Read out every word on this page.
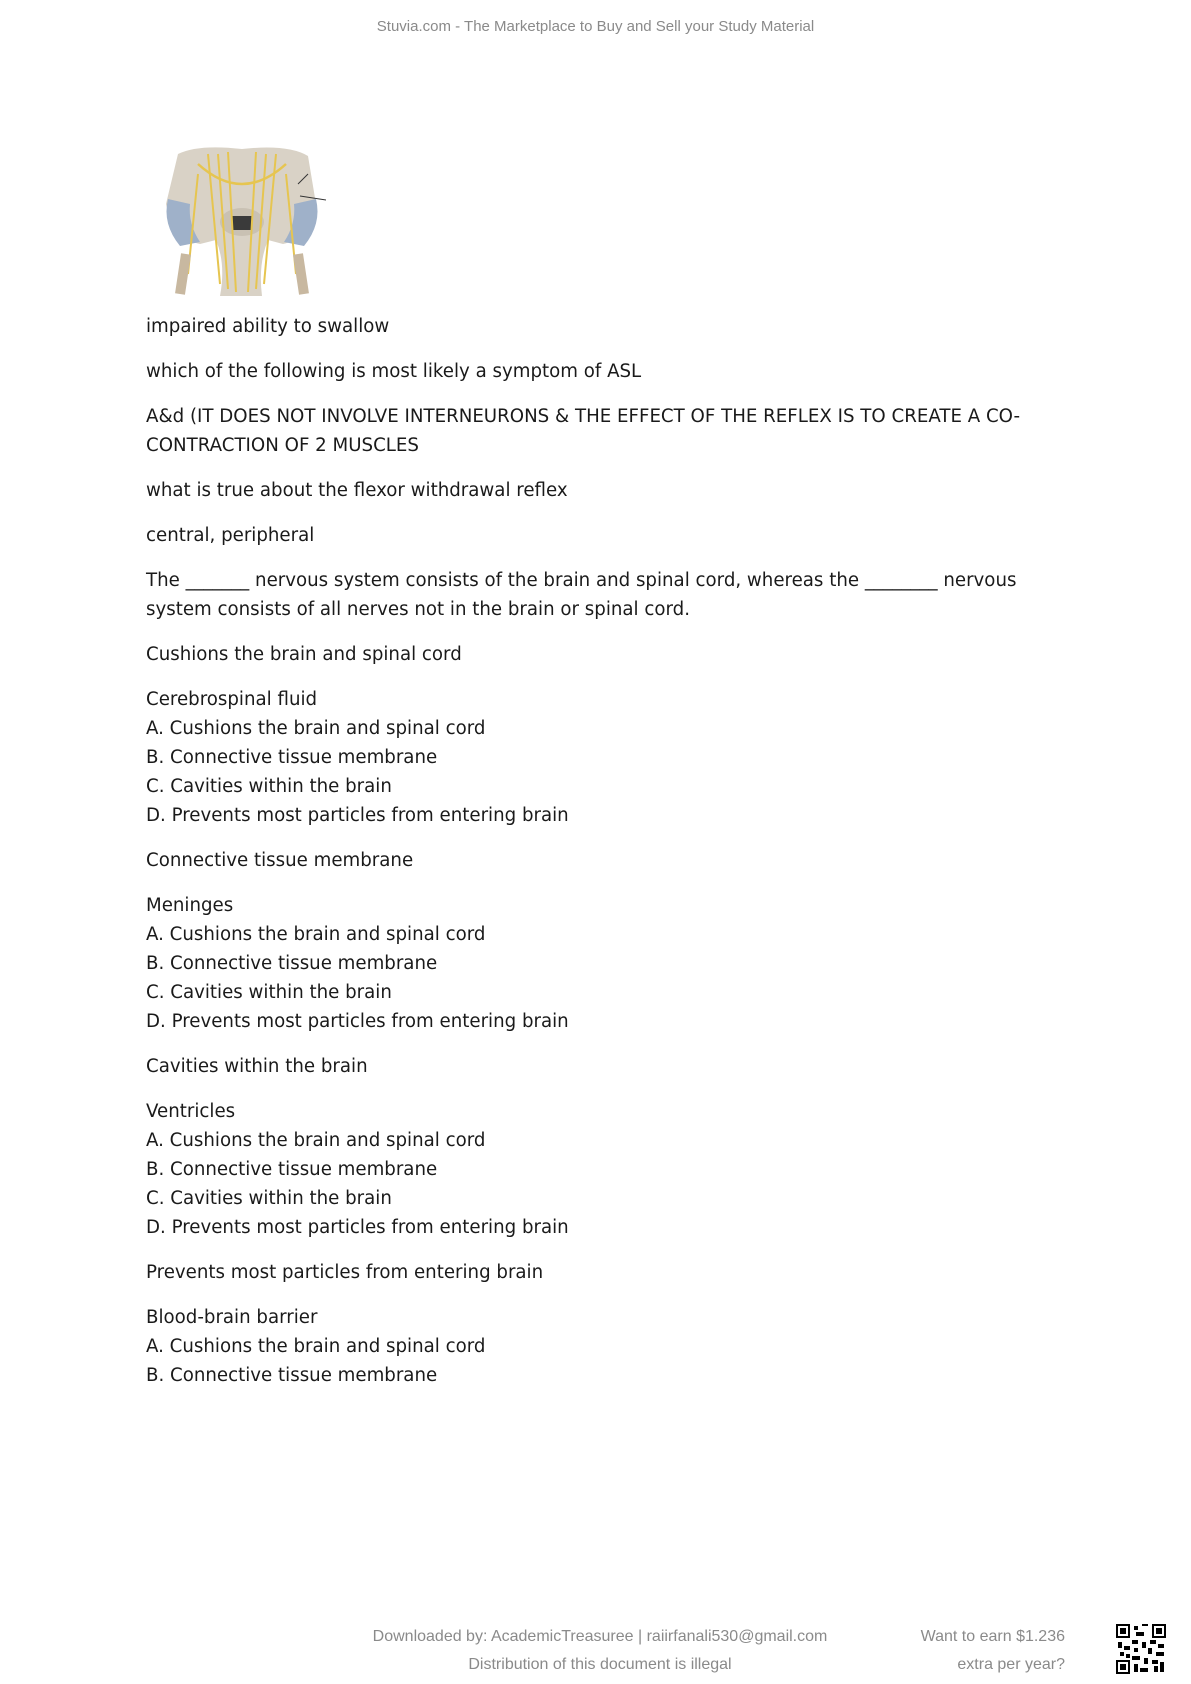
Stuvia.com - The Marketplace to Buy and Sell your Study Material
impaired ability to swallow
which of the following is most likely a symptom of ASL
A&d (IT DOES NOT INVOLVE INTERNEURONS & THE EFFECT OF THE REFLEX IS TO CREATE A CO-
CONTRACTION OF 2 MUSCLES
what is true about the flexor withdrawal reflex
central, peripheral
The _______ nervous system consists of the brain and spinal cord, whereas the ________ nervous
system consists of all nerves not in the brain or spinal cord.
Cushions the brain and spinal cord
Cerebrospinal fluid
A. Cushions the brain and spinal cord
B. Connective tissue membrane
C. Cavities within the brain
D. Prevents most particles from entering brain
Connective tissue membrane
Meninges
A. Cushions the brain and spinal cord
B. Connective tissue membrane
C. Cavities within the brain
D. Prevents most particles from entering brain
Cavities within the brain
Ventricles
A. Cushions the brain and spinal cord
B. Connective tissue membrane
C. Cavities within the brain
D. Prevents most particles from entering brain
Prevents most particles from entering brain
Blood-brain barrier
A. Cushions the brain and spinal cord
B. Connective tissue membrane
Downloaded by: AcademicTreasuree | raiirfanali530@gmail.com
Distribution of this document is illegal
Want to earn $1.236
extra per year?
